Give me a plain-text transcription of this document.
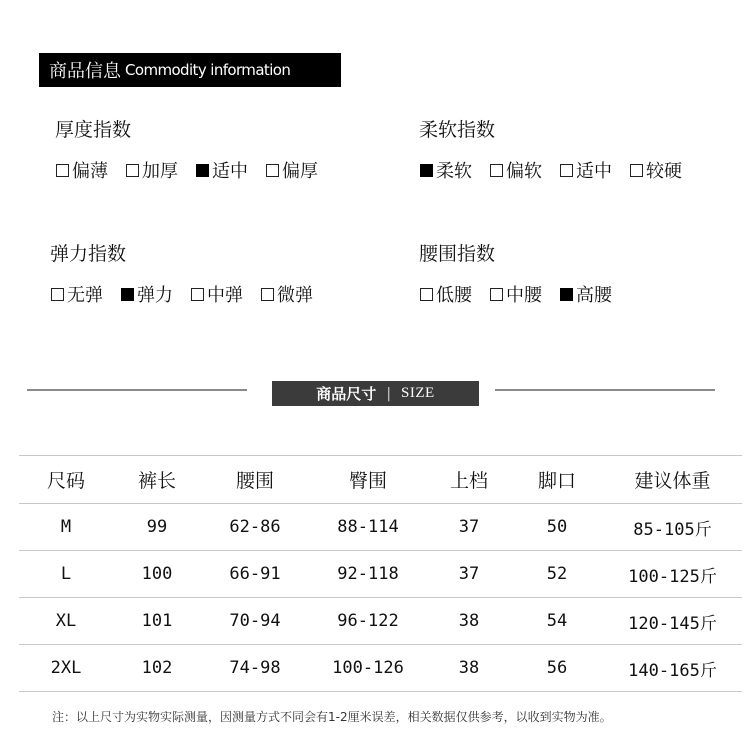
商品信息 Commodity information
厚度指数
偏薄 加厚 适中 偏厚
柔软指数
柔软 偏软 适中 较硬
弹力指数
无弹 弹力 中弹 微弹
腰围指数
低腰 中腰 高腰
商品尺寸 | SIZE
尺码	裤长	腰围	臀围	上档	脚口	建议体重
M	99	62-86	88-114	37	50	85-105斤
L	100	66-91	92-118	37	52	100-125斤
XL	101	70-94	96-122	38	54	120-145斤
2XL	102	74-98	100-126	38	56	140-165斤
注：以上尺寸为实物实际测量，因测量方式不同会有1-2厘米误差，相关数据仅供参考，以收到实物为准。
